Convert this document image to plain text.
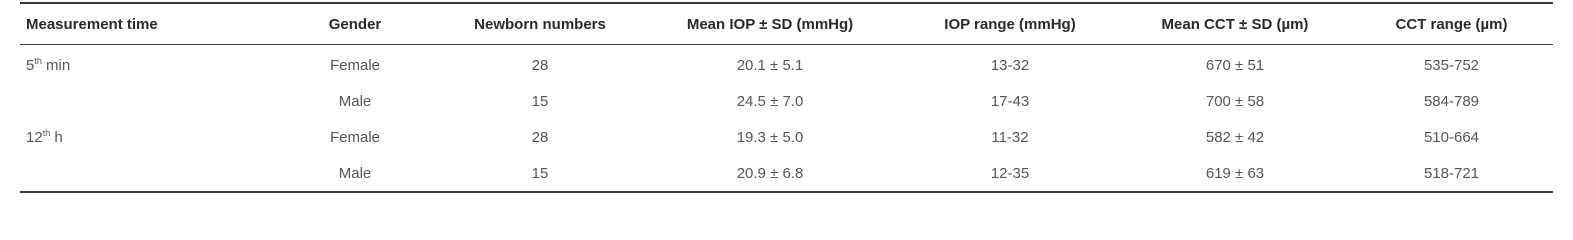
Measurement time	Gender	Newborn numbers	Mean IOP ± SD (mmHg)	IOP range (mmHg)	Mean CCT ± SD (µm)	CCT range (µm)
5th min	Female	28	20.1 ± 5.1	13-32	670 ± 51	535-752
	Male	15	24.5 ± 7.0	17-43	700 ± 58	584-789
12th h	Female	28	19.3 ± 5.0	11-32	582 ± 42	510-664
	Male	15	20.9 ± 6.8	12-35	619 ± 63	518-721
